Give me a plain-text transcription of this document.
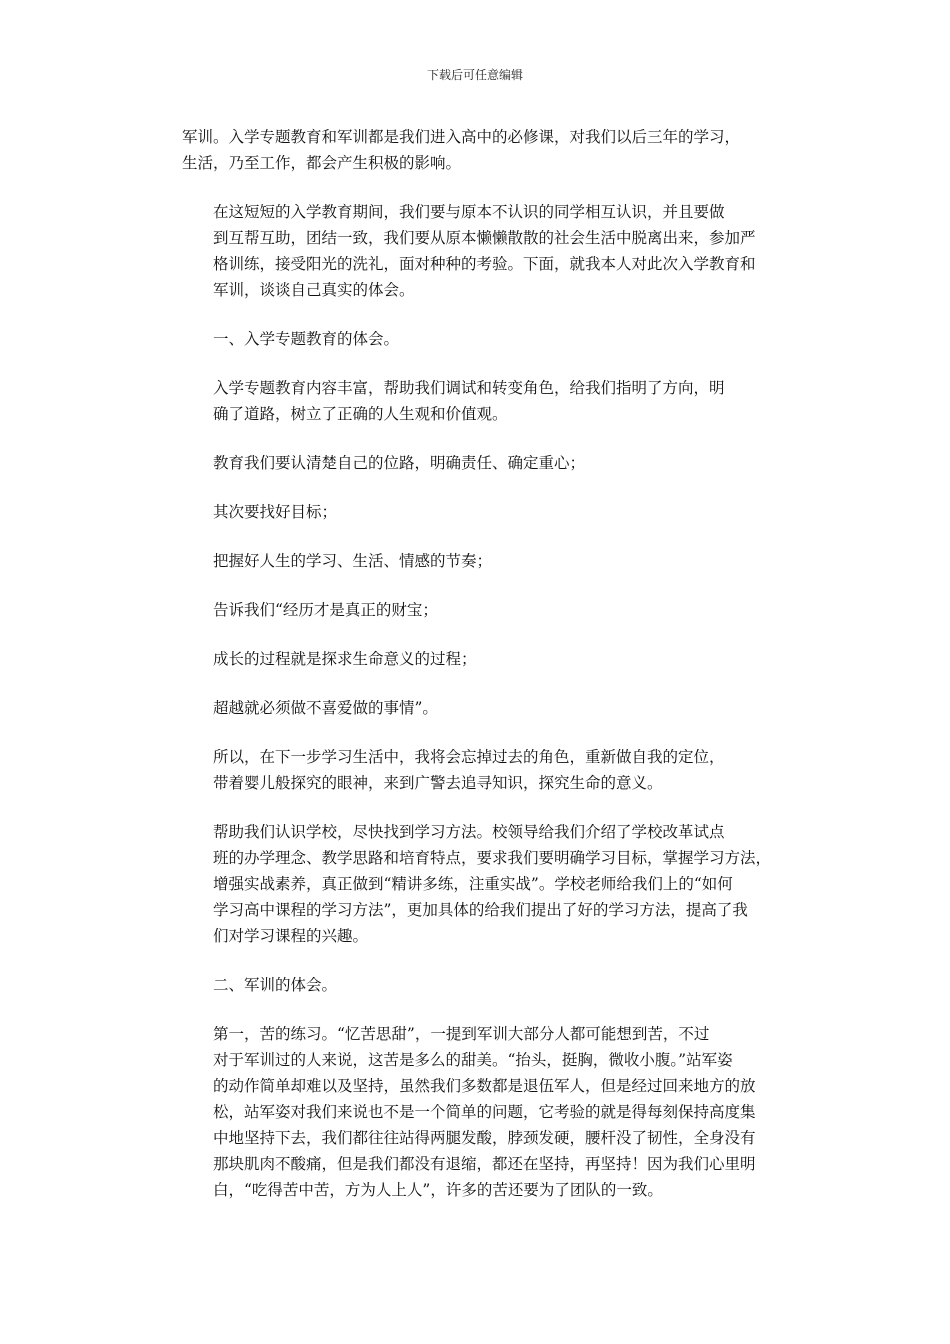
下载后可任意编辑

军训。入学专题教育和军训都是我们进入高中的必修课，对我们以后三年的学习，
生活，乃至工作，都会产生积极的影响。

在这短短的入学教育期间，我们要与原本不认识的同学相互认识，并且要做
到互帮互助，团结一致，我们要从原本懒懒散散的社会生活中脱离出来，参加严
格训练，接受阳光的洗礼，面对种种的考验。下面，就我本人对此次入学教育和
军训，谈谈自己真实的体会。

一、入学专题教育的体会。

入学专题教育内容丰富，帮助我们调试和转变角色，给我们指明了方向，明
确了道路，树立了正确的人生观和价值观。

教育我们要认清楚自己的位路，明确责任、确定重心；

其次要找好目标；

把握好人生的学习、生活、情感的节奏；

告诉我们“经历才是真正的财宝；

成长的过程就是探求生命意义的过程；

超越就必须做不喜爱做的事情”。

所以，在下一步学习生活中，我将会忘掉过去的角色，重新做自我的定位，
带着婴儿般探究的眼神，来到广警去追寻知识，探究生命的意义。

帮助我们认识学校，尽快找到学习方法。校领导给我们介绍了学校改革试点
班的办学理念、教学思路和培育特点，要求我们要明确学习目标，掌握学习方法，
增强实战素养，真正做到“精讲多练，注重实战”。学校老师给我们上的“如何
学习高中课程的学习方法”，更加具体的给我们提出了好的学习方法，提高了我
们对学习课程的兴趣。

二、军训的体会。

第一，苦的练习。“忆苦思甜”，一提到军训大部分人都可能想到苦，不过
对于军训过的人来说，这苦是多么的甜美。“抬头，挺胸，微收小腹。”站军姿
的动作简单却难以及坚持，虽然我们多数都是退伍军人，但是经过回来地方的放
松，站军姿对我们来说也不是一个简单的问题，它考验的就是得每刻保持高度集
中地坚持下去，我们都往往站得两腿发酸，脖颈发硬，腰杆没了韧性，全身没有
那块肌肉不酸痛，但是我们都没有退缩，都还在坚持，再坚持！因为我们心里明
白，“吃得苦中苦，方为人上人”，许多的苦还要为了团队的一致。
